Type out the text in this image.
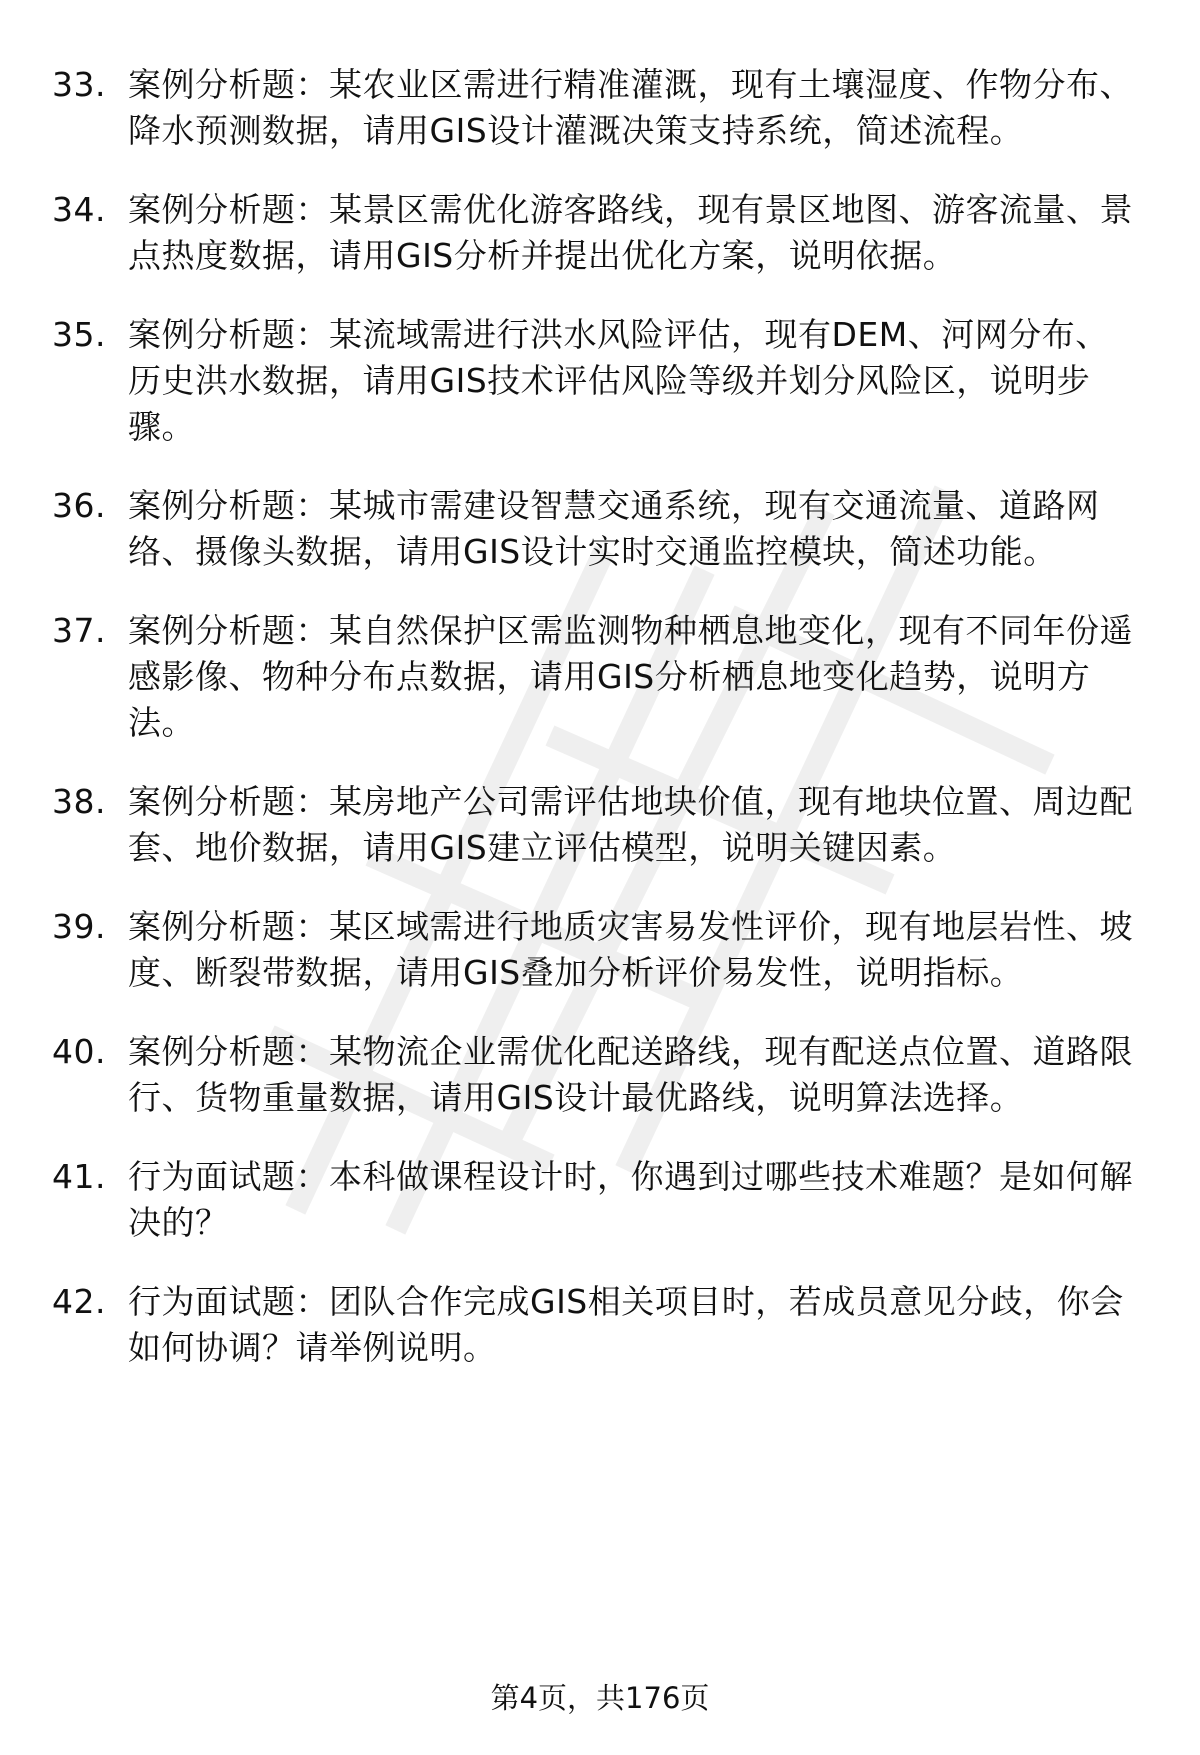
33. 案例分析题：某农业区需进行精准灌溉，现有土壤湿度、作物分布、降水预测数据，请用GIS设计灌溉决策支持系统，简述流程。
34. 案例分析题：某景区需优化游客路线，现有景区地图、游客流量、景点热度数据，请用GIS分析并提出优化方案，说明依据。
35. 案例分析题：某流域需进行洪水风险评估，现有DEM、河网分布、历史洪水数据，请用GIS技术评估风险等级并划分风险区，说明步骤。
36. 案例分析题：某城市需建设智慧交通系统，现有交通流量、道路网络、摄像头数据，请用GIS设计实时交通监控模块，简述功能。
37. 案例分析题：某自然保护区需监测物种栖息地变化，现有不同年份遥感影像、物种分布点数据，请用GIS分析栖息地变化趋势，说明方法。
38. 案例分析题：某房地产公司需评估地块价值，现有地块位置、周边配套、地价数据，请用GIS建立评估模型，说明关键因素。
39. 案例分析题：某区域需进行地质灾害易发性评价，现有地层岩性、坡度、断裂带数据，请用GIS叠加分析评价易发性，说明指标。
40. 案例分析题：某物流企业需优化配送路线，现有配送点位置、道路限行、货物重量数据，请用GIS设计最优路线，说明算法选择。
41. 行为面试题：本科做课程设计时，你遇到过哪些技术难题？是如何解决的？
42. 行为面试题：团队合作完成GIS相关项目时，若成员意见分歧，你会如何协调？请举例说明。
第4页，共176页
